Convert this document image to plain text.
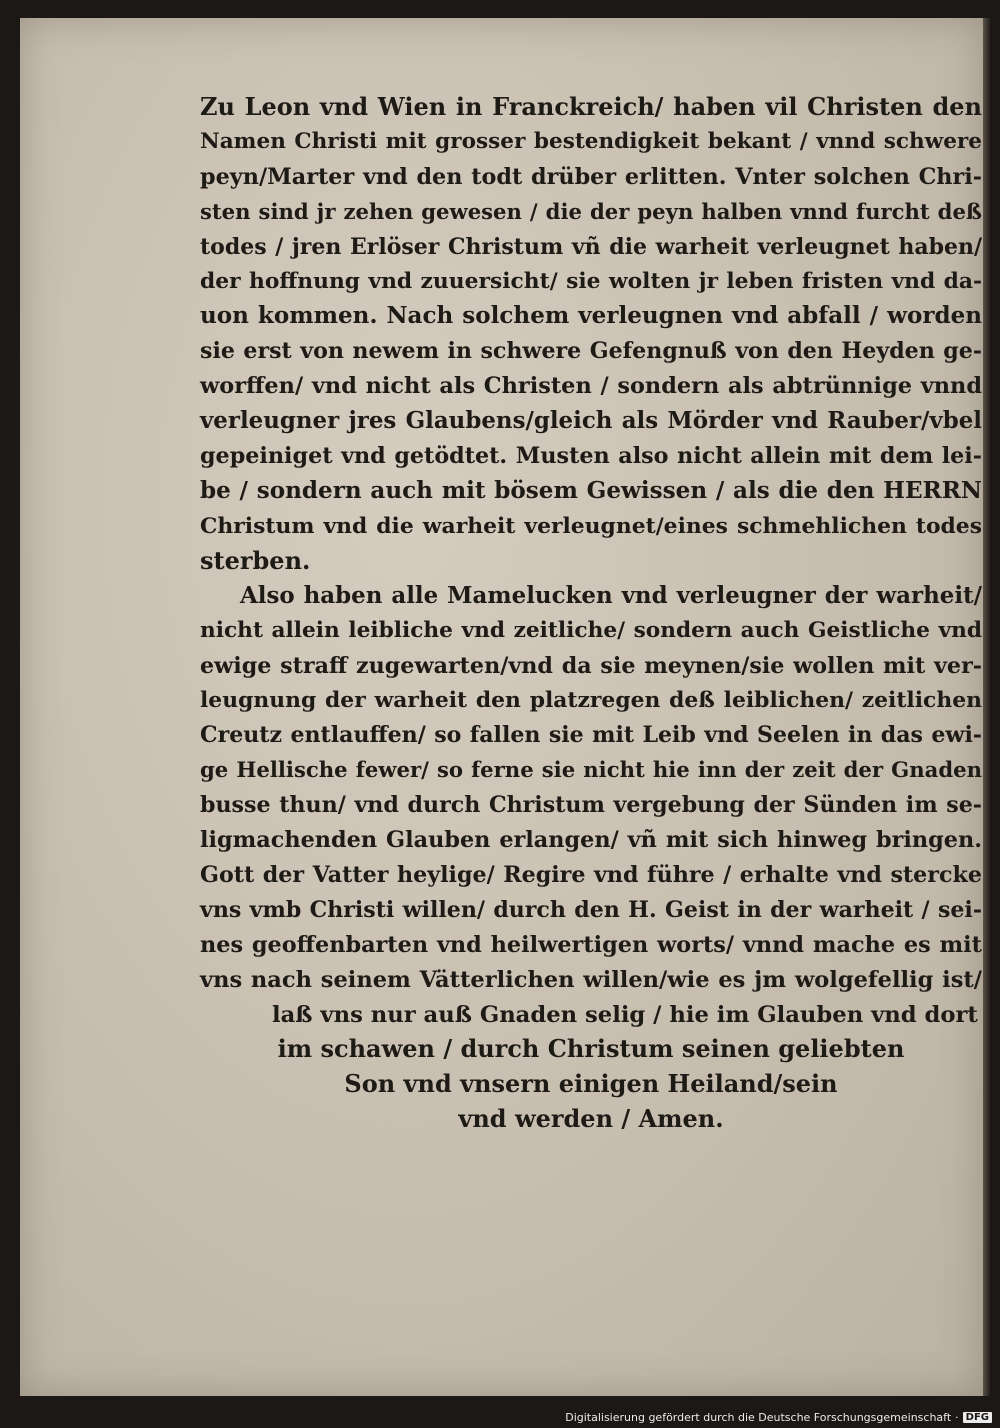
Zu Leon vnd Wien in Franckreich/ haben vil Christen den
Namen Christi mit grosser bestendigkeit bekant / vnnd schwere
peyn/Marter vnd den todt drüber erlitten. Vnter solchen Chri-
sten sind jr zehen gewesen / die der peyn halben vnnd furcht deß
todes / jren Erlöser Christum vñ die warheit verleugnet haben/
der hoffnung vnd zuuersicht/ sie wolten jr leben fristen vnd da-
uon kommen. Nach solchem verleugnen vnd abfall / worden
sie erst von newem in schwere Gefengnuß von den Heyden ge-
worffen/ vnd nicht als Christen / sondern als abtrünnige vnnd
verleugner jres Glaubens/gleich als Mörder vnd Rauber/vbel
gepeiniget vnd getödtet. Musten also nicht allein mit dem lei-
be / sondern auch mit bösem Gewissen / als die den HERRN
Christum vnd die warheit verleugnet/eines schmehlichen todes
sterben.
Also haben alle Mamelucken vnd verleugner der warheit/
nicht allein leibliche vnd zeitliche/ sondern auch Geistliche vnd
ewige straff zugewarten/vnd da sie meynen/sie wollen mit ver-
leugnung der warheit den platzregen deß leiblichen/ zeitlichen
Creutz entlauffen/ so fallen sie mit Leib vnd Seelen in das ewi-
ge Hellische fewer/ so ferne sie nicht hie inn der zeit der Gnaden
busse thun/ vnd durch Christum vergebung der Sünden im se-
ligmachenden Glauben erlangen/ vñ mit sich hinweg bringen.
Gott der Vatter heylige/ Regire vnd führe / erhalte vnd stercke
vns vmb Christi willen/ durch den H. Geist in der warheit / sei-
nes geoffenbarten vnd heilwertigen worts/ vnnd mache es mit
vns nach seinem Vätterlichen willen/wie es jm wolgefellig ist/
laß vns nur auß Gnaden selig / hie im Glauben vnd dort
im schawen / durch Christum seinen geliebten
Son vnd vnsern einigen Heiland/sein
vnd werden / Amen.
Digitalisierung gefördert durch die Deutsche Forschungsgemeinschaft · DFG
